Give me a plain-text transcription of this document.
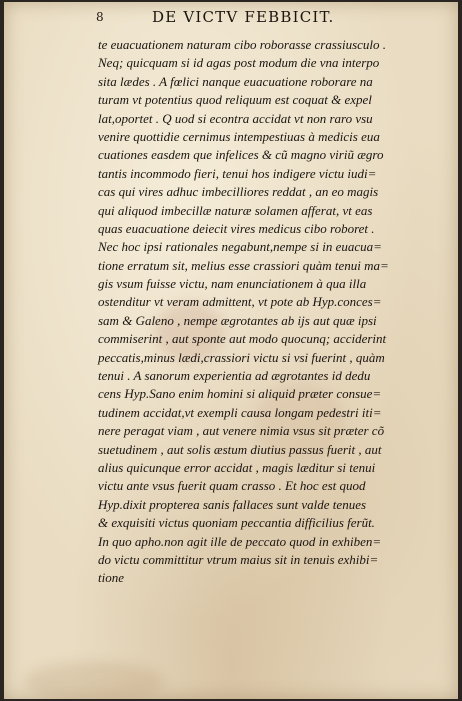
8	DE VICTV FEBBICIT.
te euacuationem naturam cibo roborasse crassiusculo .
Neq; quicquam si id agas post modum die vna interpo
sita lædes . A fœlici nanque euacuatione roborare na
turam vt potentius quod reliquum est coquat & expel
lat,oportet . Q uod si econtra accidat vt non raro vsu
venire quottidie cernimus intempestiuas à medicis eua
cuationes easdem que infelices & cũ magno viriũ ægro
tantis incommodo fieri, tenui hos indigere victu iudi=
cas qui vires adhuc imbecilliores reddat , an eo magis
qui aliquod imbecillæ naturæ solamen afferat, vt eas
quas euacuatione deiecit vires medicus cibo roboret .
Nec hoc ipsi rationales negabunt,nempe si in euacua=
tione erratum sit, melius esse crassiori quàm tenui ma=
gis vsum fuisse victu, nam enunciationem à qua illa
ostenditur vt veram admittent, vt pote ab Hyp.conces=
sam & Galeno , nempe ægrotantes ab ijs aut quæ ipsi
commiserint , aut sponte aut modo quocunq; acciderint
peccatis,minus lædi,crassiori victu si vsi fuerint , quàm
tenui . A sanorum experientia ad ægrotantes id dedu
cens Hyp.Sano enim homini si aliquid præter consue=
tudinem accidat,vt exempli causa longam pedestri iti=
nere peragat viam , aut venere nimia vsus sit præter cõ
suetudinem , aut solis æstum diutius passus fuerit , aut
alius quicunque error accidat , magis læditur si tenui
victu ante vsus fuerit quam crasso . Et hoc est quod
Hyp.dixit propterea sanis fallaces sunt valde tenues
& exquisiti victus quoniam peccantia difficilius ferũt.
In quo apho.non agit ille de peccato quod in exhiben=
do victu committitur vtrum maius sit in tenuis exhibi=
tione
